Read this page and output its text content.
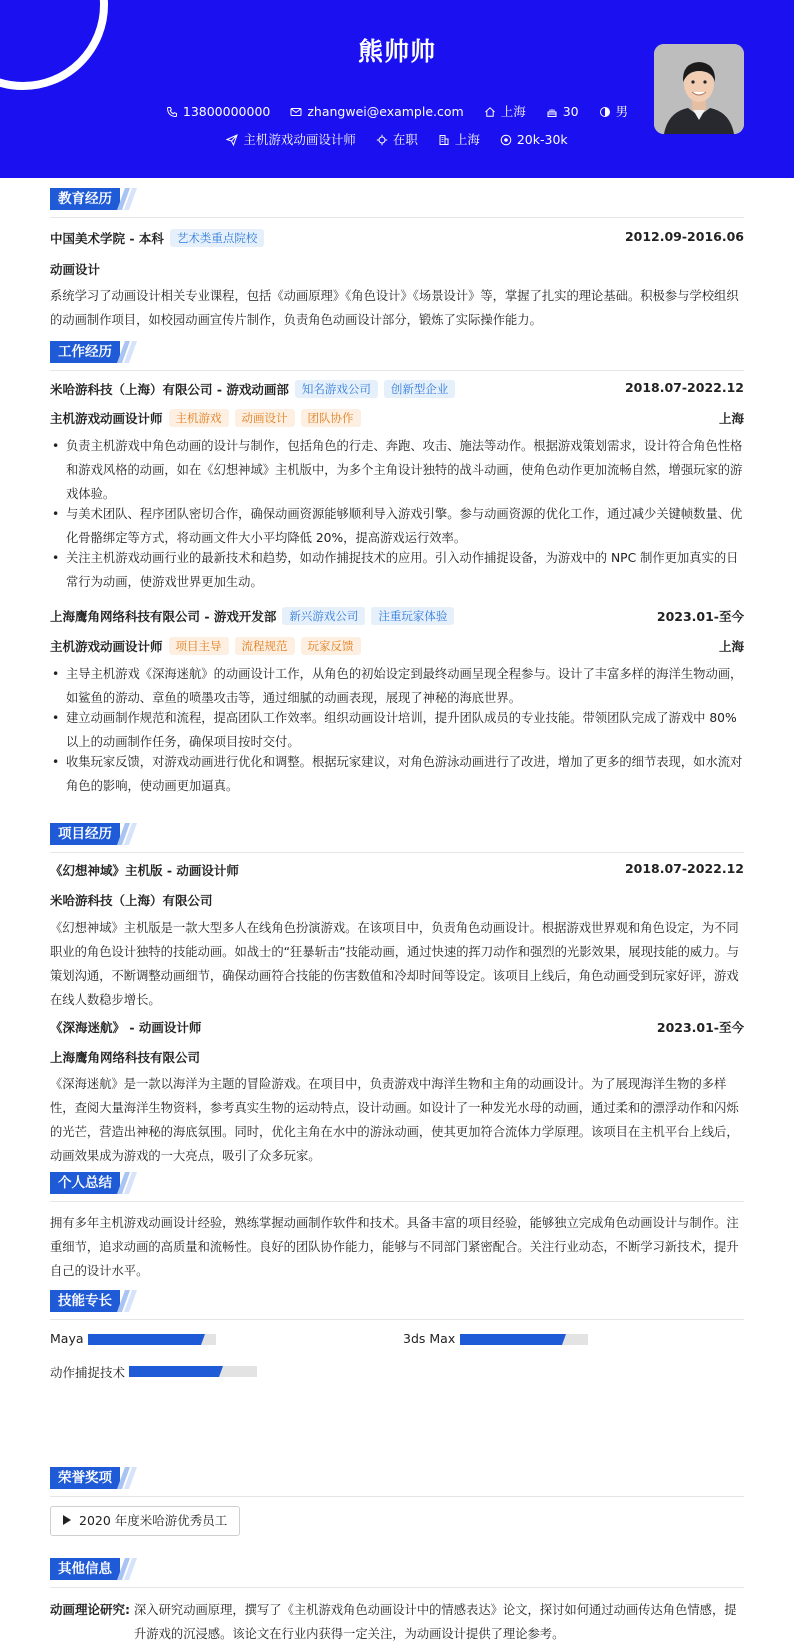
熊帅帅
13800000000	zhangwei@example.com	上海	30	男
主机游戏动画设计师	在职	上海	20k-30k
教育经历
中国美术学院 - 本科 艺术类重点院校	2012.09-2016.06
动画设计
系统学习了动画设计相关专业课程，包括《动画原理》《角色设计》《场景设计》等，掌握了扎实的理论基础。积极参与学校组织的动画制作项目，如校园动画宣传片制作，负责角色动画设计部分，锻炼了实际操作能力。
工作经历
米哈游科技（上海）有限公司 - 游戏动画部 知名游戏公司 创新型企业	2018.07-2022.12
主机游戏动画设计师 主机游戏 动画设计 团队协作	上海
• 负责主机游戏中角色动画的设计与制作，包括角色的行走、奔跑、攻击、施法等动作。根据游戏策划需求，设计符合角色性格和游戏风格的动画，如在《幻想神域》主机版中，为多个主角设计独特的战斗动画，使角色动作更加流畅自然，增强玩家的游戏体验。
• 与美术团队、程序团队密切合作，确保动画资源能够顺利导入游戏引擎。参与动画资源的优化工作，通过减少关键帧数量、优化骨骼绑定等方式，将动画文件大小平均降低 20%，提高游戏运行效率。
• 关注主机游戏动画行业的最新技术和趋势，如动作捕捉技术的应用。引入动作捕捉设备，为游戏中的 NPC 制作更加真实的日常行为动画，使游戏世界更加生动。
上海鹰角网络科技有限公司 - 游戏开发部 新兴游戏公司 注重玩家体验	2023.01-至今
主机游戏动画设计师 项目主导 流程规范 玩家反馈	上海
• 主导主机游戏《深海迷航》的动画设计工作，从角色的初始设定到最终动画呈现全程参与。设计了丰富多样的海洋生物动画，如鲨鱼的游动、章鱼的喷墨攻击等，通过细腻的动画表现，展现了神秘的海底世界。
• 建立动画制作规范和流程，提高团队工作效率。组织动画设计培训，提升团队成员的专业技能。带领团队完成了游戏中 80%以上的动画制作任务，确保项目按时交付。
• 收集玩家反馈，对游戏动画进行优化和调整。根据玩家建议，对角色游泳动画进行了改进，增加了更多的细节表现，如水流对角色的影响，使动画更加逼真。
项目经历
《幻想神域》主机版 - 动画设计师	2018.07-2022.12
米哈游科技（上海）有限公司
《幻想神域》主机版是一款大型多人在线角色扮演游戏。在该项目中，负责角色动画设计。根据游戏世界观和角色设定，为不同职业的角色设计独特的技能动画。如战士的“狂暴斩击”技能动画，通过快速的挥刀动作和强烈的光影效果，展现技能的威力。与策划沟通，不断调整动画细节，确保动画符合技能的伤害数值和冷却时间等设定。该项目上线后，角色动画受到玩家好评，游戏在线人数稳步增长。
《深海迷航》 - 动画设计师	2023.01-至今
上海鹰角网络科技有限公司
《深海迷航》是一款以海洋为主题的冒险游戏。在项目中，负责游戏中海洋生物和主角的动画设计。为了展现海洋生物的多样性，查阅大量海洋生物资料，参考真实生物的运动特点，设计动画。如设计了一种发光水母的动画，通过柔和的漂浮动作和闪烁的光芒，营造出神秘的海底氛围。同时，优化主角在水中的游泳动画，使其更加符合流体力学原理。该项目在主机平台上线后，动画效果成为游戏的一大亮点，吸引了众多玩家。
个人总结
拥有多年主机游戏动画设计经验，熟练掌握动画制作软件和技术。具备丰富的项目经验，能够独立完成角色动画设计与制作。注重细节，追求动画的高质量和流畅性。良好的团队协作能力，能够与不同部门紧密配合。关注行业动态，不断学习新技术，提升自己的设计水平。
技能专长
Maya	3ds Max
动作捕捉技术
荣誉奖项
2020 年度米哈游优秀员工
其他信息
动画理论研究: 深入研究动画原理，撰写了《主机游戏角色动画设计中的情感表达》论文，探讨如何通过动画传达角色情感，提升游戏的沉浸感。该论文在行业内获得一定关注，为动画设计提供了理论参考。
